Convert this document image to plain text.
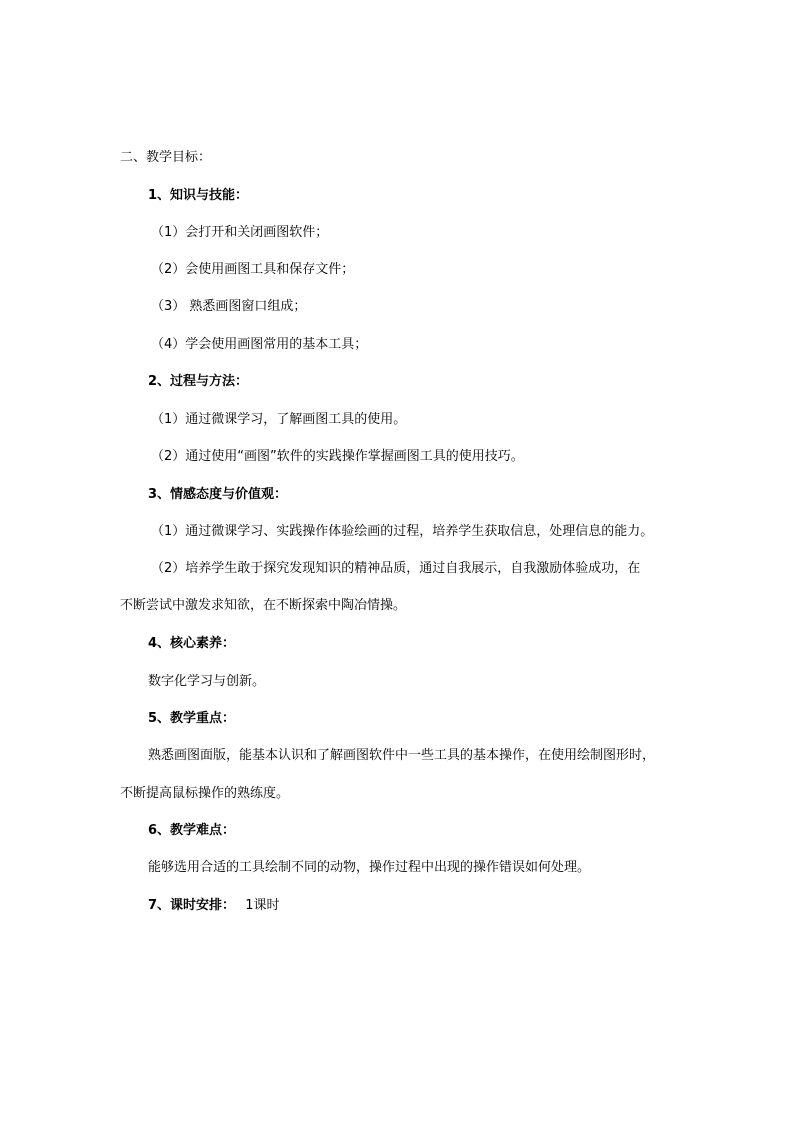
二、教学目标：
1、知识与技能：
（1）会打开和关闭画图软件；
（2）会使用画图工具和保存文件；
（3） 熟悉画图窗口组成；
（4）学会使用画图常用的基本工具；
2、过程与方法：
（1）通过微课学习，了解画图工具的使用。
（2）通过使用“画图”软件的实践操作掌握画图工具的使用技巧。
3、情感态度与价值观：
（1）通过微课学习、实践操作体验绘画的过程，培养学生获取信息，处理信息的能力。
（2）培养学生敢于探究发现知识的精神品质，通过自我展示，自我激励体验成功，在
不断尝试中激发求知欲，在不断探索中陶冶情操。
4、核心素养：
数字化学习与创新。
5、教学重点：
熟悉画图面版，能基本认识和了解画图软件中一些工具的基本操作，在使用绘制图形时，
不断提高鼠标操作的熟练度。
6、教学难点：
能够选用合适的工具绘制不同的动物，操作过程中出现的操作错误如何处理。
7、课时安排： 1课时
